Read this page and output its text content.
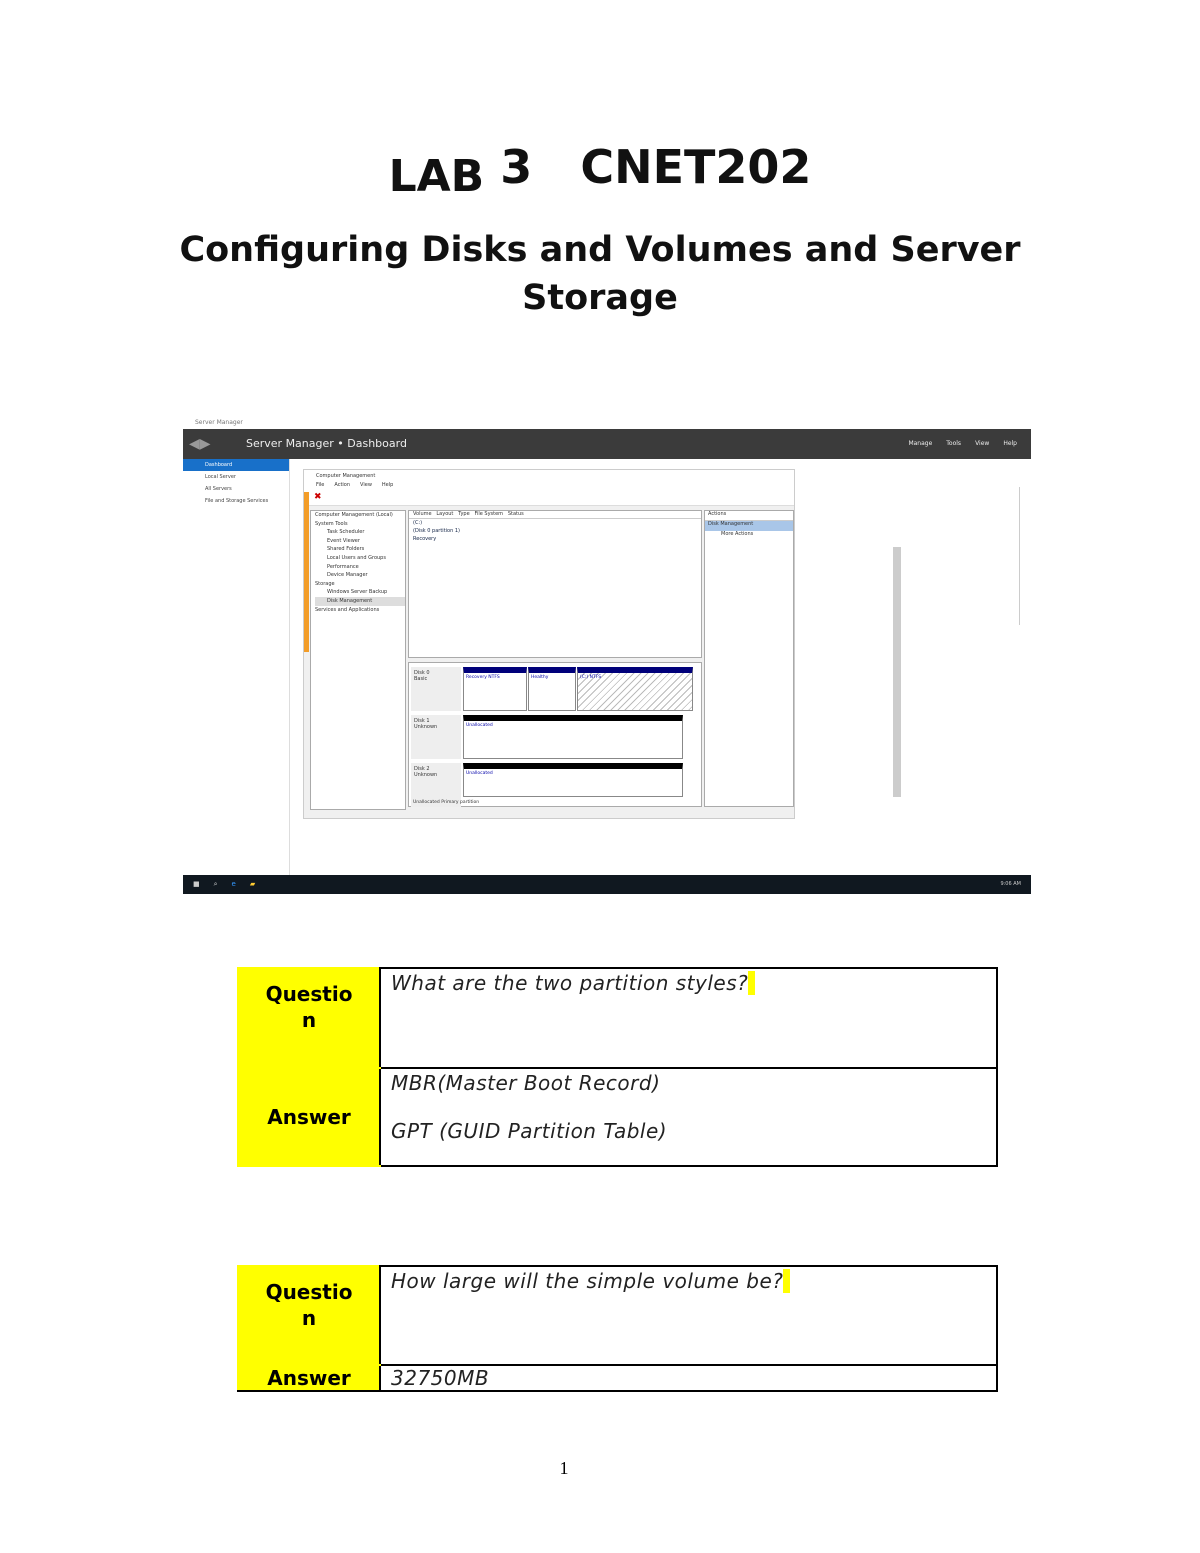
LAB 3 CNET202
Configuring Disks and Volumes and Server Storage
Server Manager
◀▶	Server Manager • Dashboard	Manage Tools View Help
Dashboard
Local Server
All Servers
File and Storage Services
Computer Management
File Action View Help
✖
Computer Management (Local)
System Tools
Task Scheduler
Event Viewer
Shared Folders
Local Users and Groups
Performance
Device Manager
Storage
Windows Server Backup
Disk Management
Services and Applications
Volume Layout Type File System Status
(C:)
(Disk 0 partition 1)
Recovery
Disk 0
Basic	Recovery NTFS	Healthy	(C:) NTFS
Disk 1
Unknown	Unallocated
Disk 2
Unknown	Unallocated
Unallocated Primary partition
Actions
Disk Management
More Actions
■ ⌕ e ▰	9:06 AM
Question	What are the two partition styles?
Answer	MBR(Master Boot Record)
GPT (GUID Partition Table)
Question	How large will the simple volume be?
Answer	32750MB
1
